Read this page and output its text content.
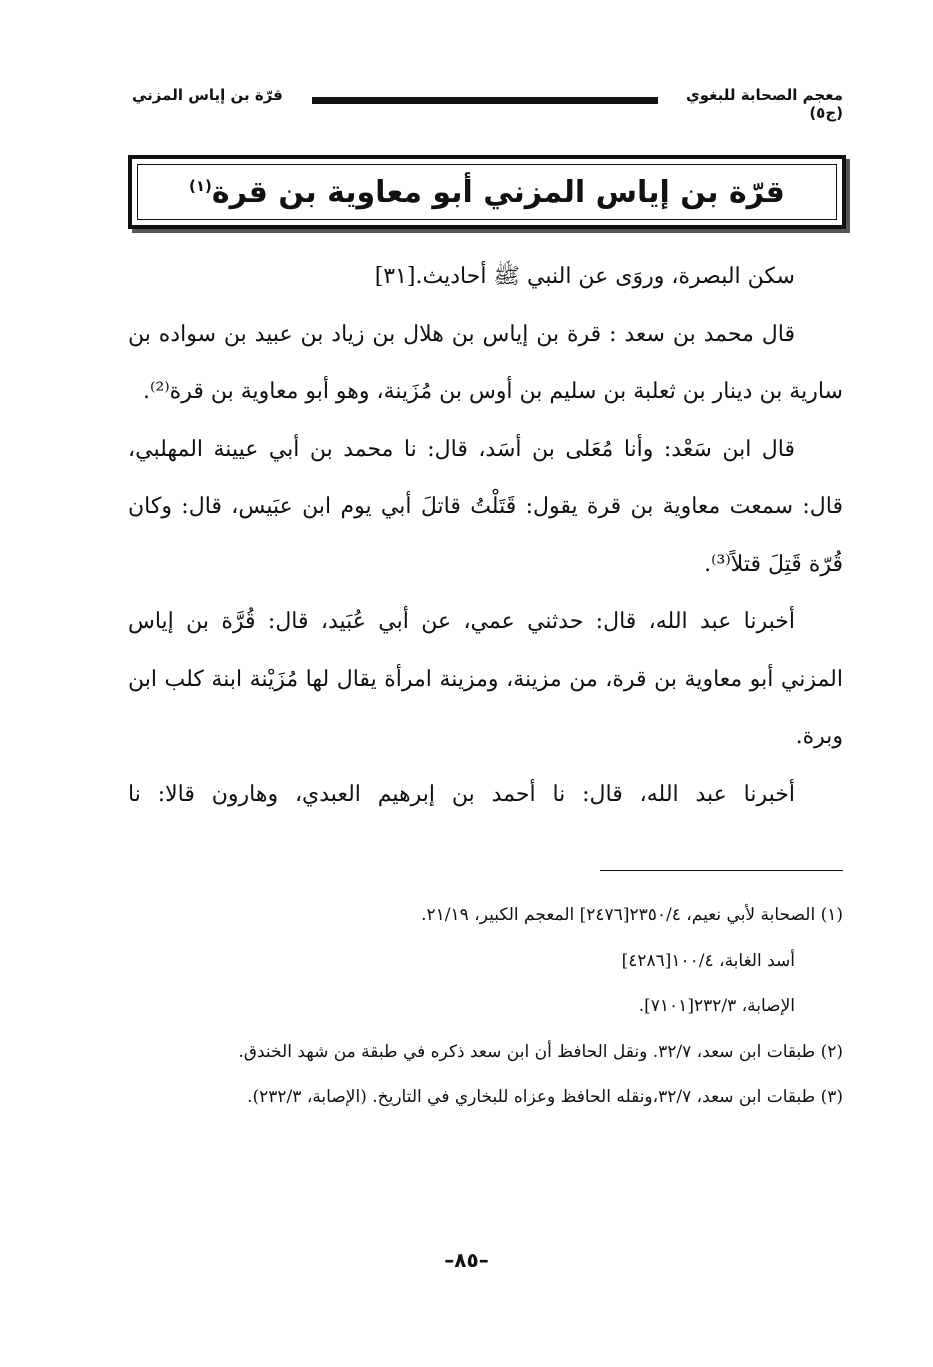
قرّة بن إياس المزني	معجم الصحابة للبغوي (ج٥)
قرّة بن إياس المزني أبو معاوية بن قرة$^{(١)}$

سكن البصرة، وروَى عن النبي ﷺ أحاديث.[٣١]

قال محمد بن سعد : قرة بن إياس بن هلال بن زياد بن عبيد بن سواده بن سارية بن دينار بن ثعلبة بن سليم بن أوس بن مُزَينة، وهو أبو معاوية بن قرة⁽²⁾.

قال ابن سَعْد: وأنا مُعَلى بن أسَد، قال: نا محمد بن أبي عيينة المهلبي، قال: سمعت معاوية بن قرة يقول: قَتَلْتُ قاتلَ أبي يوم ابن عبَيس، قال: وكان قُرّة قَتِلَ قتلاً⁽³⁾.

أخبرنا عبد الله، قال: حدثني عمي، عن أبي عُبَيد، قال: قُرَّة بن إياس المزني أبو معاوية بن قرة، من مزينة، ومزينة امرأة يقال لها مُزَيْنة ابنة كلب ابن وبرة.

أخبرنا عبد الله، قال: نا أحمد بن إبرهيم العبدي، وهارون قالا: نا

(١) الصحابة لأبي نعيم، ٢٣٥٠/٤[٢٤٧٦] المعجم الكبير، ٢١/١٩.

أسد الغابة، ١٠٠/٤[٤٢٨٦]

الإصابة، ٢٣٢/٣[٧١٠١].

(٢) طبقات ابن سعد، ٣٢/٧. ونقل الحافظ أن ابن سعد ذكره في طبقة من شهد الخندق.

(٣) طبقات ابن سعد، ٣٢/٧،ونقله الحافظ وعزاه للبخاري في التاريخ. (الإصابة، ٢٣٢/٣).

–٨٥–
